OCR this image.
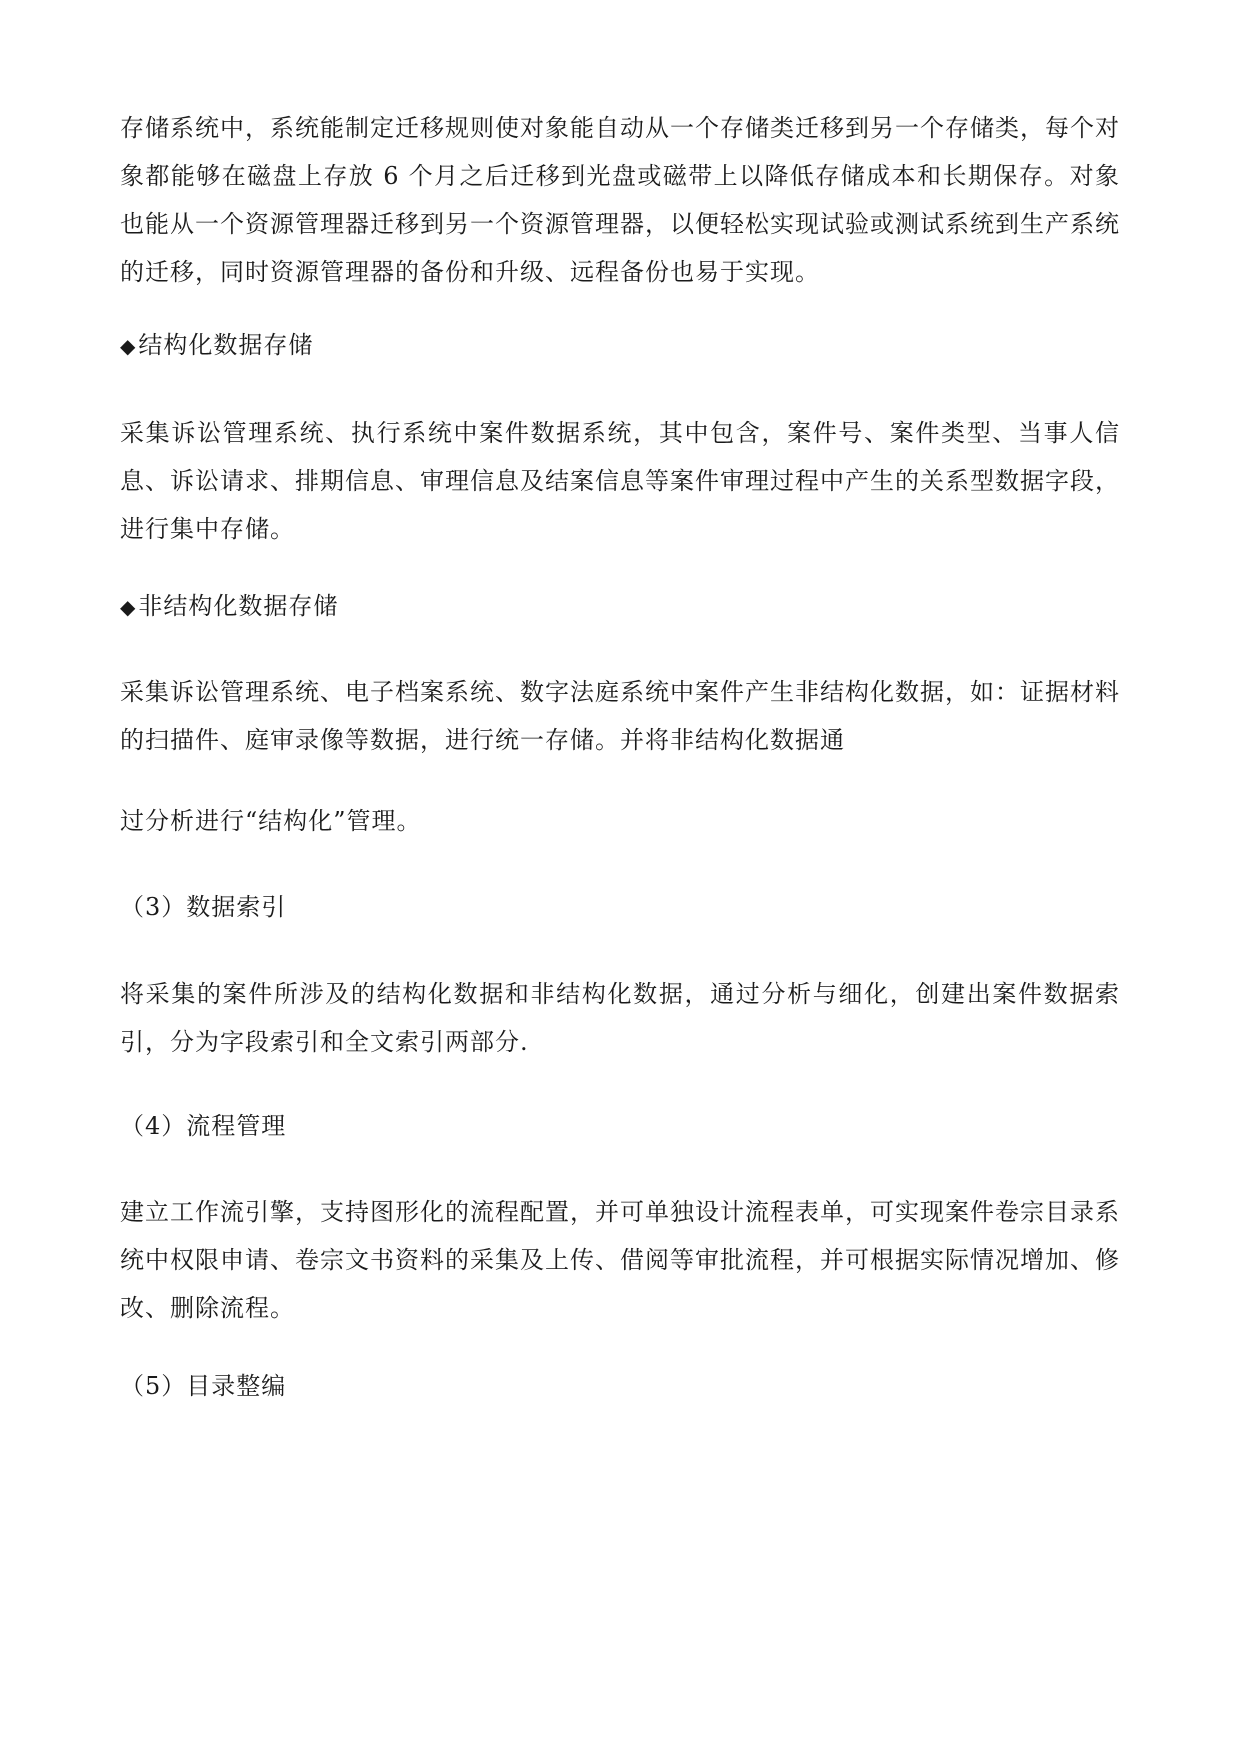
存储系统中，系统能制定迁移规则使对象能自动从一个存储类迁移到另一个存储类，每个对象都能够在磁盘上存放 6 个月之后迁移到光盘或磁带上以降低存储成本和长期保存。对象也能从一个资源管理器迁移到另一个资源管理器，以便轻松实现试验或测试系统到生产系统的迁移，同时资源管理器的备份和升级、远程备份也易于实现。

◆结构化数据存储

采集诉讼管理系统、执行系统中案件数据系统，其中包含，案件号、案件类型、当事人信息、诉讼请求、排期信息、审理信息及结案信息等案件审理过程中产生的关系型数据字段，进行集中存储。

◆非结构化数据存储

采集诉讼管理系统、电子档案系统、数字法庭系统中案件产生非结构化数据，如：证据材料的扫描件、庭审录像等数据，进行统一存储。并将非结构化数据通

过分析进行“结构化”管理。

（3）数据索引

将采集的案件所涉及的结构化数据和非结构化数据，通过分析与细化，创建出案件数据索引，分为字段索引和全文索引两部分.

（4）流程管理

建立工作流引擎，支持图形化的流程配置，并可单独设计流程表单，可实现案件卷宗目录系统中权限申请、卷宗文书资料的采集及上传、借阅等审批流程，并可根据实际情况增加、修改、删除流程。

（5）目录整编
